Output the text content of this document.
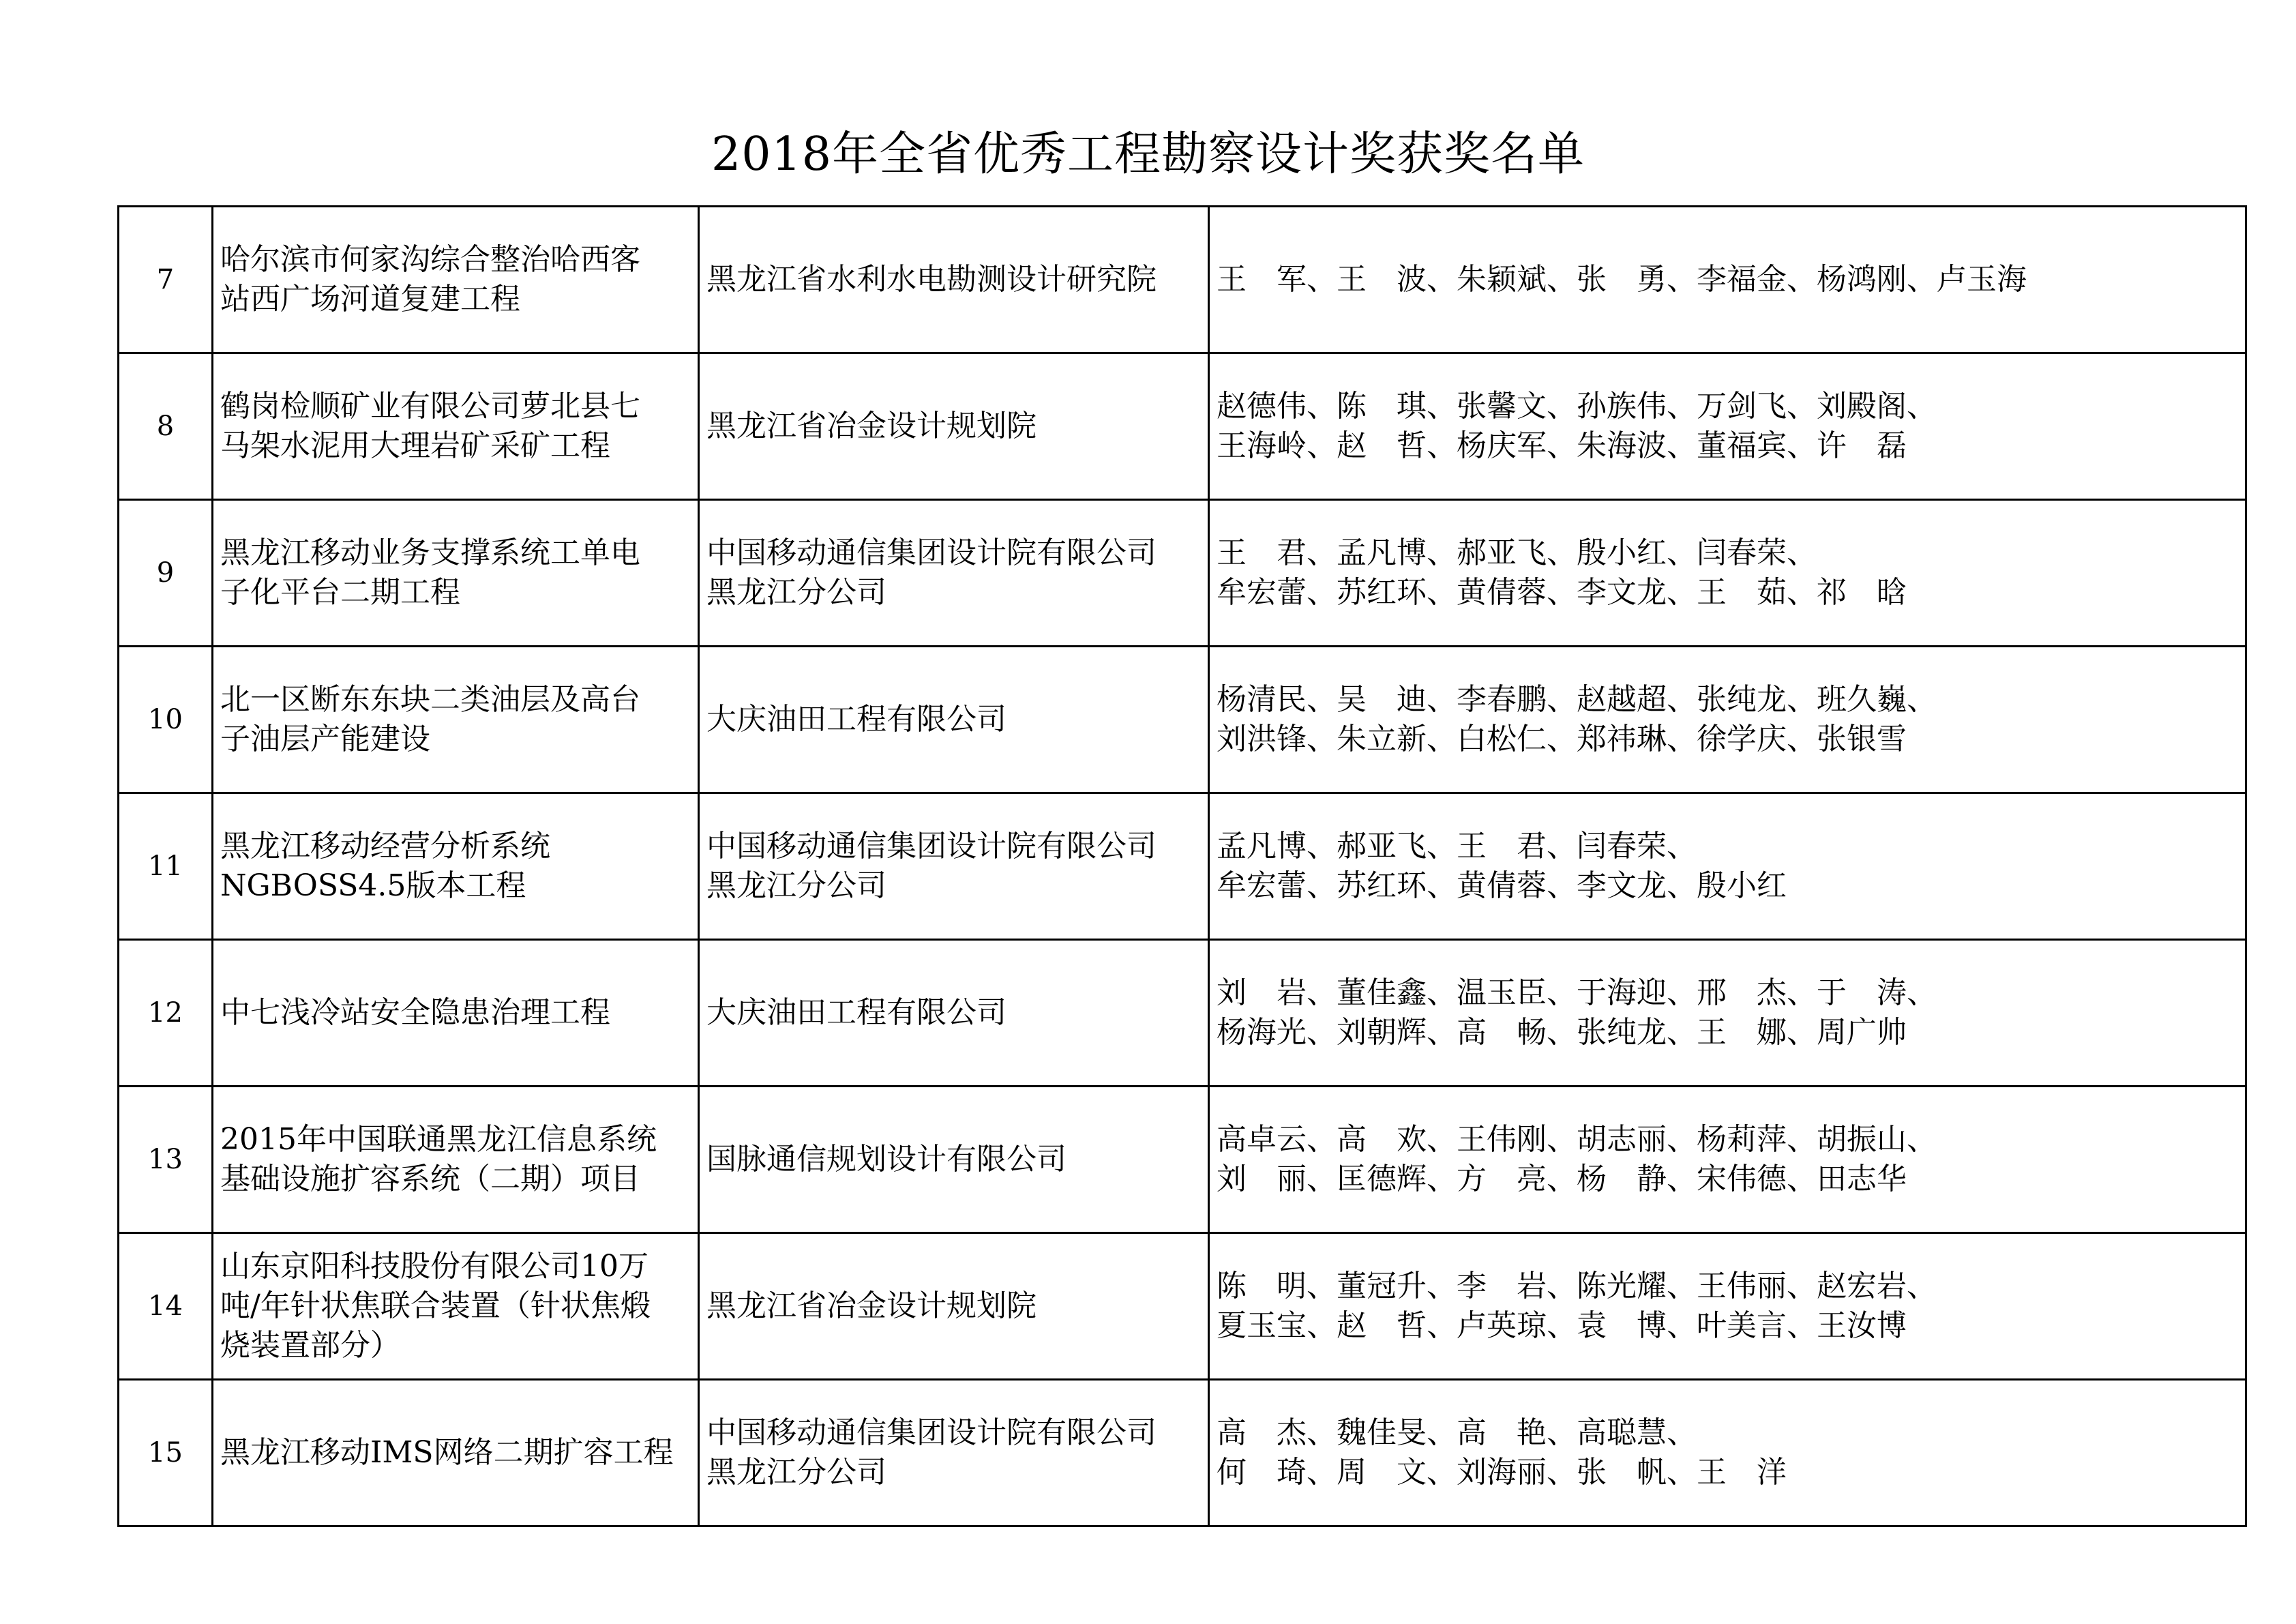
2018年全省优秀工程勘察设计奖获奖名单
7	哈尔滨市何家沟综合整治哈西客
站西广场河道复建工程	黑龙江省水利水电勘测设计研究院	王　军、王　波、朱颖斌、张　勇、李福金、杨鸿刚、卢玉海

8	鹤岗检顺矿业有限公司萝北县七
马架水泥用大理岩矿采矿工程	黑龙江省冶金设计规划院	赵德伟、陈　琪、张馨文、孙族伟、万剑飞、刘殿阁、
王海岭、赵　哲、杨庆军、朱海波、董福宾、许　磊

9	黑龙江移动业务支撑系统工单电
子化平台二期工程	中国移动通信集团设计院有限公司
黑龙江分公司	王　君、孟凡博、郝亚飞、殷小红、闫春荣、
牟宏蕾、苏红环、黄倩蓉、李文龙、王　茹、祁　晗

10	北一区断东东块二类油层及高台
子油层产能建设	大庆油田工程有限公司	杨清民、吴　迪、李春鹏、赵越超、张纯龙、班久巍、
刘洪锋、朱立新、白松仁、郑祎琳、徐学庆、张银雪

11	黑龙江移动经营分析系统
NGBOSS4.5版本工程	中国移动通信集团设计院有限公司
黑龙江分公司	孟凡博、郝亚飞、王　君、闫春荣、
牟宏蕾、苏红环、黄倩蓉、李文龙、殷小红

12	中七浅冷站安全隐患治理工程	大庆油田工程有限公司	刘　岩、董佳鑫、温玉臣、于海迎、邢　杰、于　涛、
杨海光、刘朝辉、高　畅、张纯龙、王　娜、周广帅

13	2015年中国联通黑龙江信息系统
基础设施扩容系统（二期）项目	国脉通信规划设计有限公司	高卓云、高　欢、王伟刚、胡志丽、杨莉萍、胡振山、
刘　丽、匡德辉、方　亮、杨　静、宋伟德、田志华

14	山东京阳科技股份有限公司10万
吨/年针状焦联合装置（针状焦煅
烧装置部分）	黑龙江省冶金设计规划院	陈　明、董冠升、李　岩、陈光耀、王伟丽、赵宏岩、
夏玉宝、赵　哲、卢英琼、袁　博、叶美言、王汝博

15	黑龙江移动IMS网络二期扩容工程	中国移动通信集团设计院有限公司
黑龙江分公司	高　杰、魏佳旻、高　艳、高聪慧、
何　琦、周　文、刘海丽、张　帆、王　洋
